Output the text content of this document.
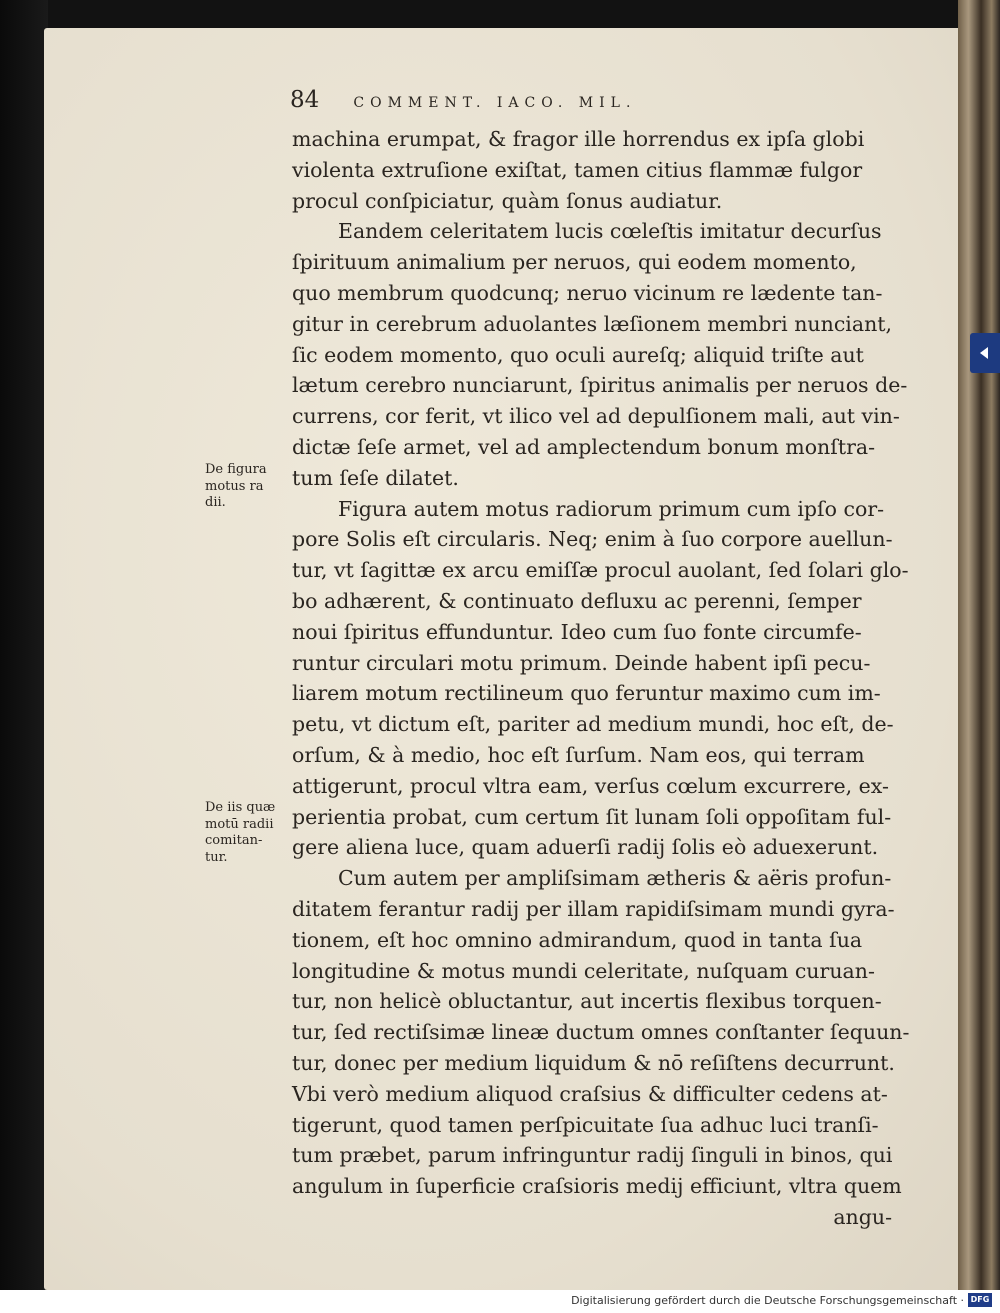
84 COMMENT. IACO. MIL.
machina erumpat, & fragor ille horrendus ex ipſa globi
violenta extruſione exiſtat, tamen citius flammæ fulgor
procul conſpiciatur, quàm ſonus audiatur.
Eandem celeritatem lucis cœleſtis imitatur decurſus
ſpirituum animalium per neruos, qui eodem momento,
quo membrum quodcunq; neruo vicinum re lædente tan-
gitur in cerebrum aduolantes læſionem membri nunciant,
ſic eodem momento, quo oculi aureſq; aliquid triſte aut
lætum cerebro nunciarunt, ſpiritus animalis per neruos de-
currens, cor ferit, vt ilico vel ad depulſionem mali, aut vin-
dictæ ſeſe armet, vel ad amplectendum bonum monſtra-
tum ſeſe dilatet.
Figura autem motus radiorum primum cum ipſo cor-
pore Solis eſt circularis. Neq; enim à ſuo corpore auellun-
tur, vt ſagittæ ex arcu emiſſæ procul auolant, ſed ſolari glo-
bo adhærent, & continuato defluxu ac perenni, ſemper
noui ſpiritus effunduntur. Ideo cum ſuo fonte circumfe-
runtur circulari motu primum. Deinde habent ipſi pecu-
liarem motum rectilineum quo feruntur maximo cum im-
petu, vt dictum eſt, pariter ad medium mundi, hoc eſt, de-
orſum, & à medio, hoc eſt ſurſum. Nam eos, qui terram
attigerunt, procul vltra eam, verſus cœlum excurrere, ex-
perientia probat, cum certum ſit lunam ſoli oppoſitam ful-
gere aliena luce, quam aduerſi radij ſolis eò aduexerunt.
Cum autem per ampliſsimam ætheris & aëris profun-
ditatem ferantur radij per illam rapidiſsimam mundi gyra-
tionem, eſt hoc omnino admirandum, quod in tanta ſua
longitudine & motus mundi celeritate, nuſquam curuan-
tur, non helicè obluctantur, aut incertis flexibus torquen-
tur, ſed rectiſsimæ lineæ ductum omnes conſtanter ſequun-
tur, donec per medium liquidum & nō reſiſtens decurrunt.
Vbi verò medium aliquod craſsius & difficulter cedens at-
tigerunt, quod tamen perſpicuitate ſua adhuc luci tranſi-
tum præbet, parum infringuntur radij ſinguli in binos, qui
angulum in ſuperficie craſsioris medij efficiunt, vltra quem
angu-
De figura
motus ra
dii.
De iis quæ
motū radii
comitan-
tur.
Digitalisierung gefördert durch die Deutsche Forschungsgemeinschaft · DFG
